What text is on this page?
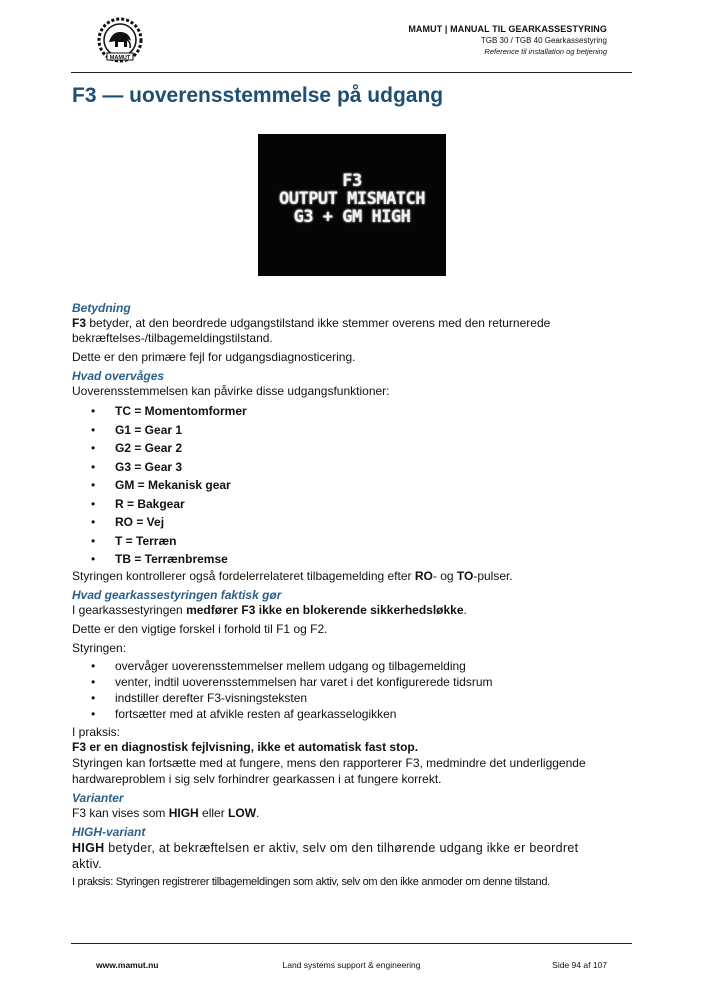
MAMUT
MAMUT | MANUAL TIL GEARKASSESTYRING
TGB 30 / TGB 40 Gearkassestyring
Reference til installation og betjening
F3 — uoverensstemmelse på udgang
F3
OUTPUT MISMATCH
G3 + GM HIGH
Betydning
F3 betyder, at den beordrede udgangstilstand ikke stemmer overens med den returnerede bekræftelses-/tilbagemeldingstilstand.
Dette er den primære fejl for udgangsdiagnosticering.
Hvad overvåges
Uoverensstemmelsen kan påvirke disse udgangsfunktioner:
• TC = Momentomformer
• G1 = Gear 1
• G2 = Gear 2
• G3 = Gear 3
• GM = Mekanisk gear
• R = Bakgear
• RO = Vej
• T = Terræn
• TB = Terrænbremse
Styringen kontrollerer også fordelerrelateret tilbagemelding efter RO- og TO-pulser.
Hvad gearkassestyringen faktisk gør
I gearkassestyringen medfører F3 ikke en blokerende sikkerhedsløkke.
Dette er den vigtige forskel i forhold til F1 og F2.
Styringen:
• overvåger uoverensstemmelser mellem udgang og tilbagemelding
• venter, indtil uoverensstemmelsen har varet i det konfigurerede tidsrum
• indstiller derefter F3-visningsteksten
• fortsætter med at afvikle resten af gearkasselogikken
I praksis:
F3 er en diagnostisk fejlvisning, ikke et automatisk fast stop.
Styringen kan fortsætte med at fungere, mens den rapporterer F3, medmindre det underliggende hardwareproblem i sig selv forhindrer gearkassen i at fungere korrekt.
Varianter
F3 kan vises som HIGH eller LOW.
HIGH-variant
HIGH betyder, at bekræftelsen er aktiv, selv om den tilhørende udgang ikke er beordret aktiv.
I praksis: Styringen registrerer tilbagemeldingen som aktiv, selv om den ikke anmoder om denne tilstand.
www.mamut.nu	Land systems support & engineering	Side 94 af 107
